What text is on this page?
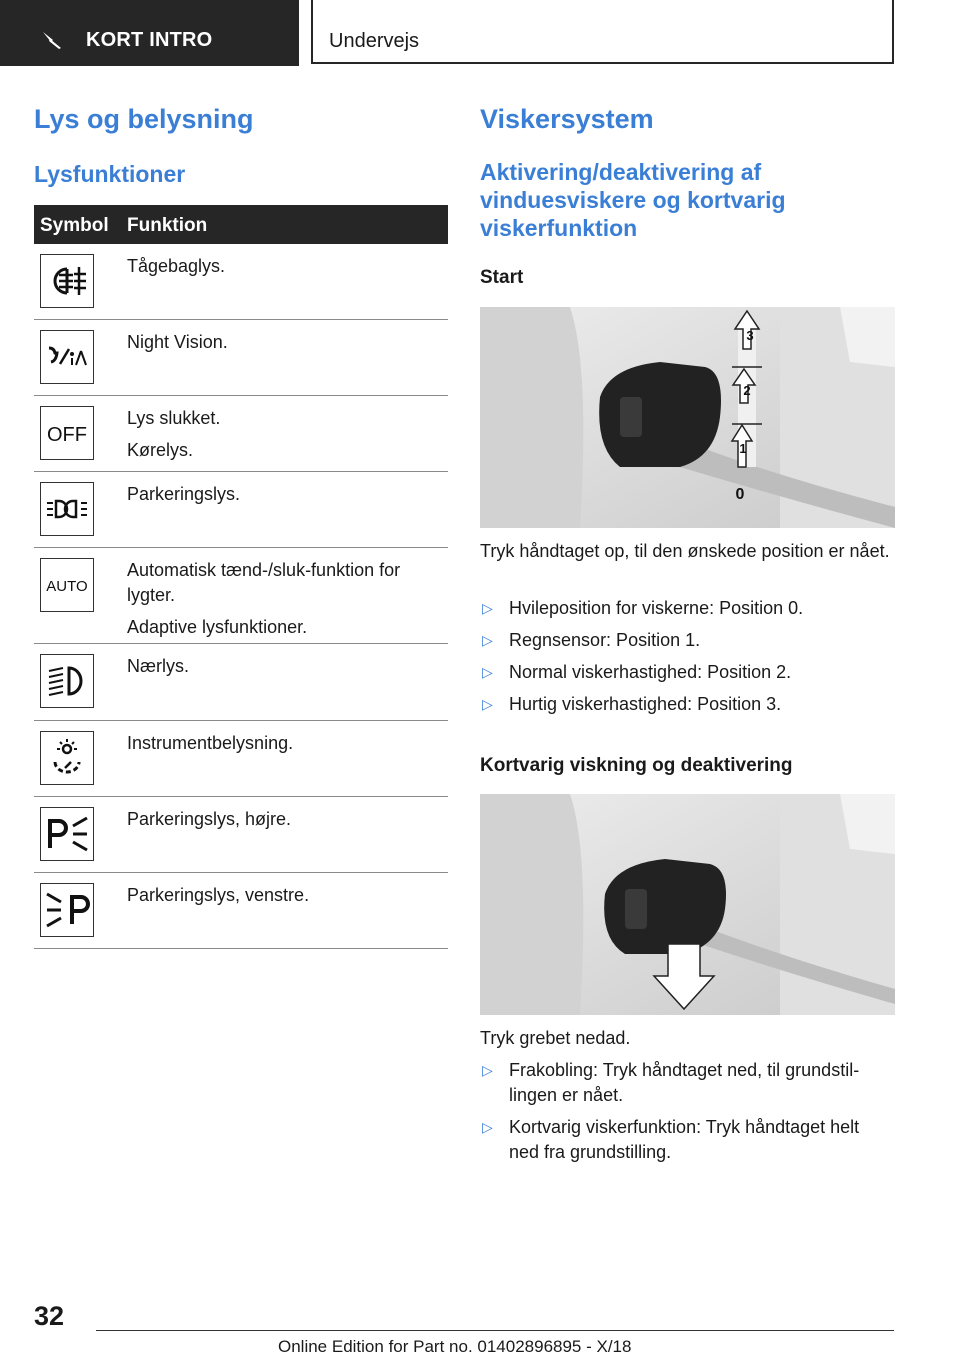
KORT INTRO	Undervejs
Lys og belysning
Lysfunktioner
Symbol Funktion

Tågebaglys.

Night Vision.

OFF

Lys slukket.

Kørelys.

Parkeringslys.

AUTO

Automatisk tænd-/sluk-funktion for lygter.

Adaptive lysfunktioner.

Nærlys.

Instrumentbelysning.

Parkeringslys, højre.

Parkeringslys, venstre.

Viskersystem
Aktivering/deaktivering af vinduesviskere og kortvarig viskerfunktion
Start
3
2
1
0

Tryk håndtaget op, til den ønskede position er nået.

▷ Hvileposition for viskerne: Position 0.
▷ Regnsensor: Position 1.
▷ Normal viskerhastighed: Position 2.
▷ Hurtig viskerhastighed: Position 3.
Kortvarig viskning og deaktivering

Tryk grebet nedad.

▷ Frakobling: Tryk håndtaget ned, til grundstillingen er nået.
▷ Kortvarig viskerfunktion: Tryk håndtaget helt ned fra grundstilling.
32
Online Edition for Part no. 01402896895 - X/18
